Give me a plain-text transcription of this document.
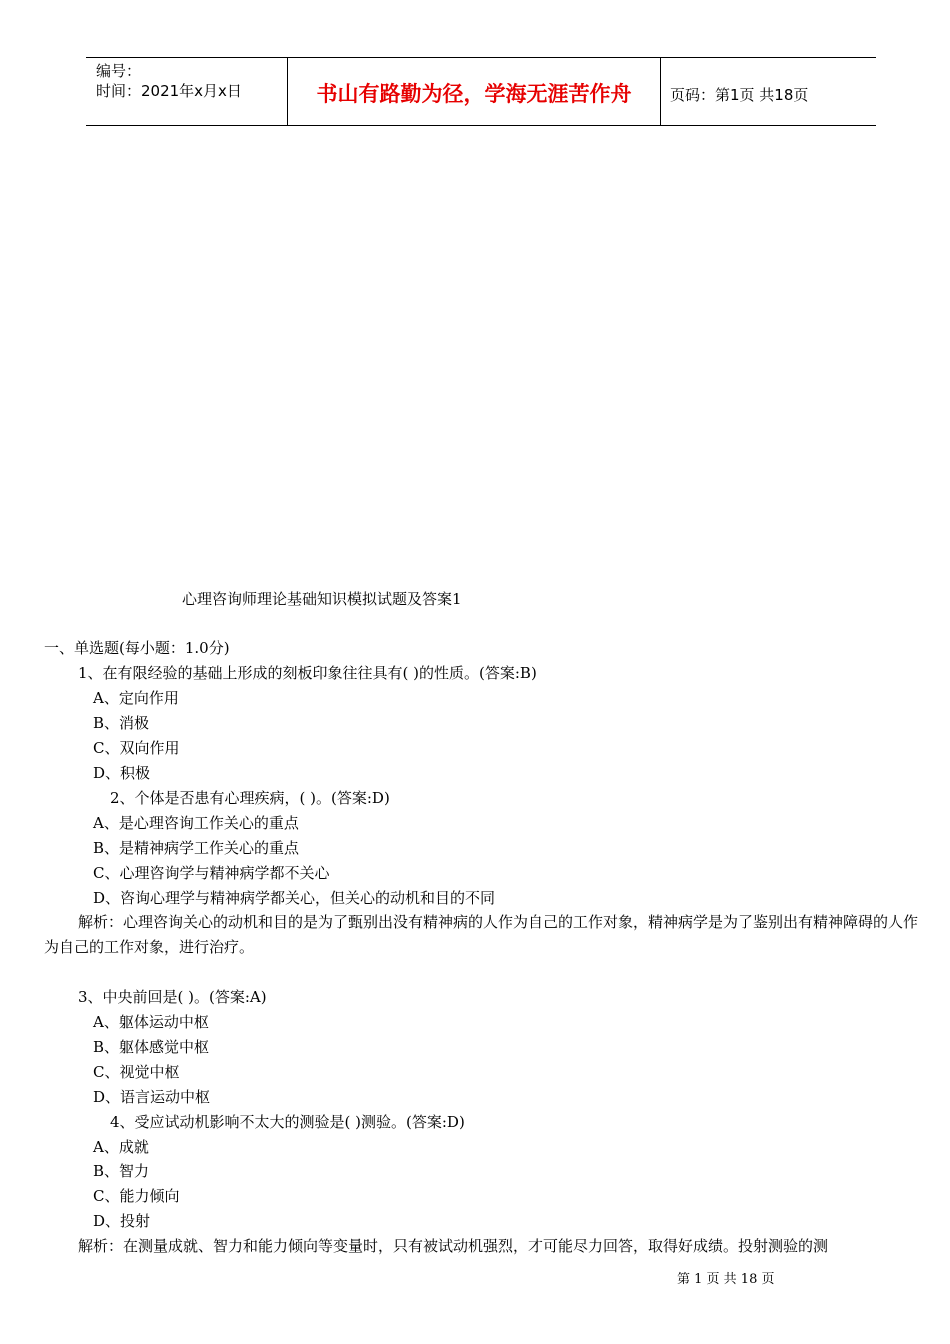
编号：
时间：2021年x月x日	书山有路勤为径，学海无涯苦作舟	页码：第1页 共18页
心理咨询师理论基础知识模拟试题及答案1
一、单选题(每小题：1.0分)
1、在有限经验的基础上形成的刻板印象往往具有( )的性质。(答案:B)
A、定向作用
B、消极
C、双向作用
D、积极
2、个体是否患有心理疾病，( )。(答案:D)
A、是心理咨询工作关心的重点
B、是精神病学工作关心的重点
C、心理咨询学与精神病学都不关心
D、咨询心理学与精神病学都关心，但关心的动机和目的不同
解析：心理咨询关心的动机和目的是为了甄别出没有精神病的人作为自己的工作对象，精神病学是为了鉴别出有精神障碍的人作为自己的工作对象，进行治疗。
3、中央前回是( )。(答案:A)
A、躯体运动中枢
B、躯体感觉中枢
C、视觉中枢
D、语言运动中枢
4、受应试动机影响不太大的测验是( )测验。(答案:D)
A、成就
B、智力
C、能力倾向
D、投射
解析：在测量成就、智力和能力倾向等变量时，只有被试动机强烈，才可能尽力回答，取得好成绩。投射测验的测
第 1 页 共 18 页
